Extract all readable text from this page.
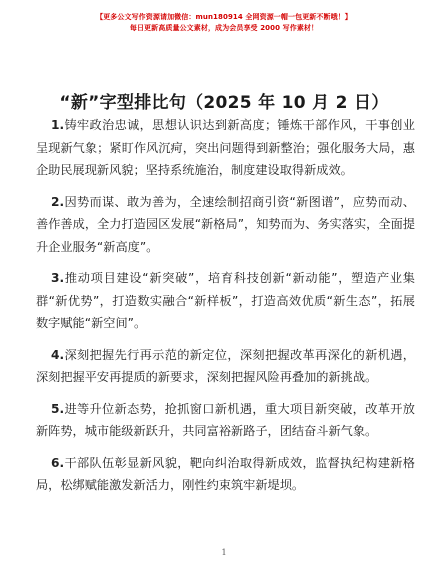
【更多公文写作资源请加微信：mun180914 全网资源一帽一包更新不断哦！】
每日更新高质量公文素材，成为会员享受 2000 写作素材！
“新”字型排比句（2025 年 10 月 2 日）

1.铸牢政治忠诚，思想认识达到新高度；锤炼干部作风，干事创业呈现新气象；紧盯作风沉疴，突出问题得到新整治；强化服务大局，惠企助民展现新风貌；坚持系统施治，制度建设取得新成效。

2.因势而谋、敢为善为，全速绘制招商引资“新图谱”，应势而动、善作善成，全力打造园区发展“新格局”，知势而为、务实落实，全面提升企业服务“新高度”。

3.推动项目建设“新突破”，培育科技创新“新动能”，塑造产业集群“新优势”，打造数实融合“新样板”，打造高效优质“新生态”，拓展数字赋能“新空间”。

4.深刻把握先行再示范的新定位，深刻把握改革再深化的新机遇，深刻把握平安再提质的新要求，深刻把握风险再叠加的新挑战。

5.进等升位新态势，抢抓窗口新机遇，重大项目新突破，改革开放新阵势，城市能级新跃升，共同富裕新路子，团结奋斗新气象。

6.干部队伍彰显新风貌，靶向纠治取得新成效，监督执纪构建新格局，松绑赋能激发新活力，刚性约束筑牢新堤坝。

1
